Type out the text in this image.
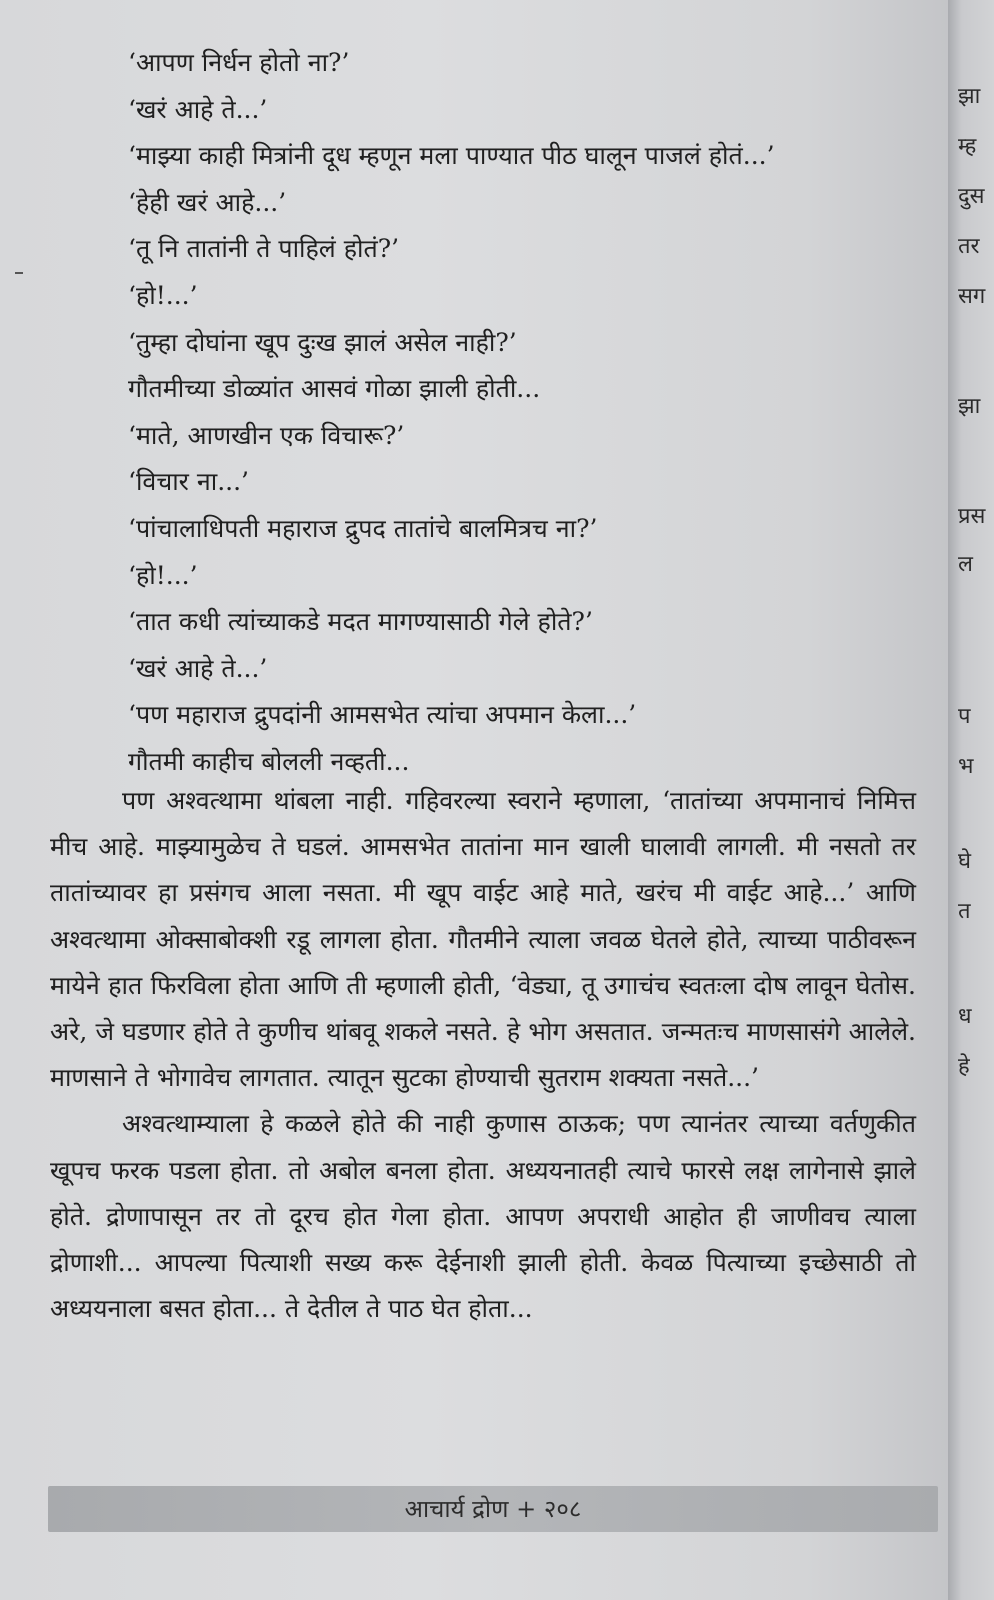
‘आपण निर्धन होतो ना?’

‘खरं आहे ते...’

‘माझ्या काही मित्रांनी दूध म्हणून मला पाण्यात पीठ घालून पाजलं होतं...’

‘हेही खरं आहे...’

‘तू नि तातांनी ते पाहिलं होतं?’

‘हो!...’

‘तुम्हा दोघांना खूप दुःख झालं असेल नाही?’

गौतमीच्या डोळ्यांत आसवं गोळा झाली होती...

‘माते, आणखीन एक विचारू?’

‘विचार ना...’

‘पांचालाधिपती महाराज द्रुपद तातांचे बालमित्रच ना?’

‘हो!...’

‘तात कधी त्यांच्याकडे मदत मागण्यासाठी गेले होते?’

‘खरं आहे ते...’

‘पण महाराज द्रुपदांनी आमसभेत त्यांचा अपमान केला...’

गौतमी काहीच बोलली नव्हती...

पण अश्वत्थामा थांबला नाही. गहिवरल्या स्वराने म्हणाला, ‘तातांच्या अपमानाचं निमित्त मीच आहे. माझ्यामुळेच ते घडलं. आमसभेत तातांना मान खाली घालावी लागली. मी नसतो तर तातांच्यावर हा प्रसंगच आला नसता. मी खूप वाईट आहे माते, खरंच मी वाईट आहे...’ आणि अश्वत्थामा ओक्साबोक्शी रडू लागला होता. गौतमीने त्याला जवळ घेतले होते, त्याच्या पाठीवरून मायेने हात फिरविला होता आणि ती म्हणाली होती, ‘वेड्या, तू उगाचंच स्वतःला दोष लावून घेतोस. अरे, जे घडणार होते ते कुणीच थांबवू शकले नसते. हे भोग असतात. जन्मतःच माणसासंगे आलेले. माणसाने ते भोगावेच लागतात. त्यातून सुटका होण्याची सुतराम शक्यता नसते...’

अश्वत्थाम्याला हे कळले होते की नाही कुणास ठाऊक; पण त्यानंतर त्याच्या वर्तणुकीत खूपच फरक पडला होता. तो अबोल बनला होता. अध्ययनातही त्याचे फारसे लक्ष लागेनासे झाले होते. द्रोणापासून तर तो दूरच होत गेला होता. आपण अपराधी आहोत ही जाणीवच त्याला द्रोणाशी... आपल्या पित्याशी सख्य करू देईनाशी झाली होती. केवळ पित्याच्या इच्छेसाठी तो अध्ययनाला बसत होता... ते देतील ते पाठ घेत होता...

आचार्य द्रोण + २०८
झा
म्ह
दुस
तर
सग
झा
प्रस
ल
प
भ
घे
त
ध
हे
